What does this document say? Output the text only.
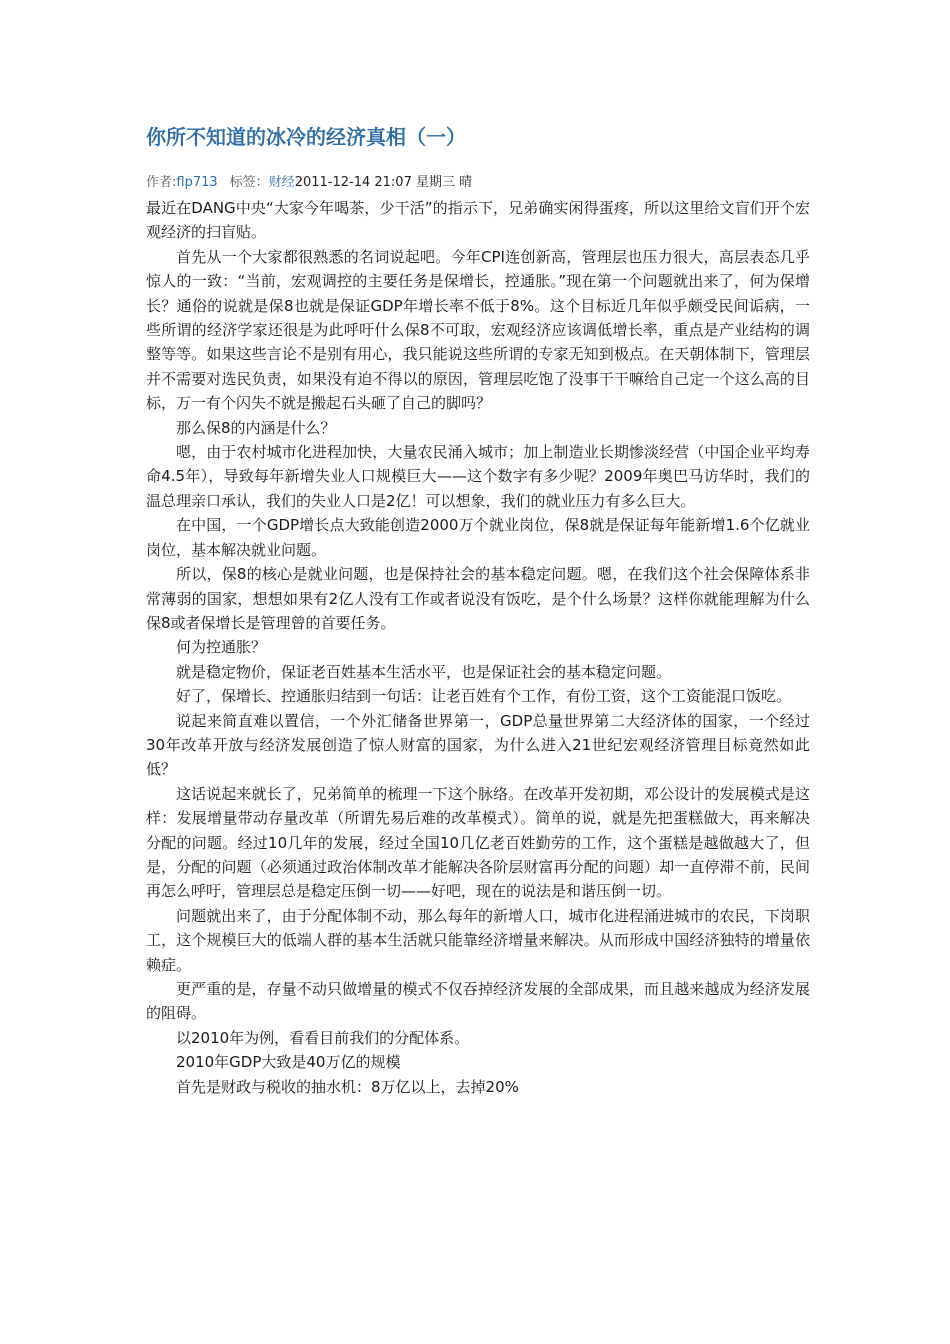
你所不知道的冰冷的经济真相（一）
作者:flp713 标签：财经2011-12-14 21:07 星期三 晴

最近在DANG中央“大家今年喝茶，少干活”的指示下，兄弟确实闲得蛋疼，所以这里给文盲们开个宏观经济的扫盲贴。

首先从一个大家都很熟悉的名词说起吧。今年CPI连创新高，管理层也压力很大，高层表态几乎惊人的一致：“当前，宏观调控的主要任务是保增长，控通胀。”现在第一个问题就出来了，何为保增长？通俗的说就是保8也就是保证GDP年增长率不低于8%。这个目标近几年似乎颇受民间诟病，一些所谓的经济学家还很是为此呼吁什么保8不可取，宏观经济应该调低增长率，重点是产业结构的调整等等。如果这些言论不是别有用心，我只能说这些所谓的专家无知到极点。在天朝体制下，管理层并不需要对选民负责，如果没有迫不得以的原因，管理层吃饱了没事干干嘛给自己定一个这么高的目标，万一有个闪失不就是搬起石头砸了自己的脚吗？

那么保8的内涵是什么？

嗯，由于农村城市化进程加快，大量农民涌入城市；加上制造业长期惨淡经营（中国企业平均寿命4.5年），导致每年新增失业人口规模巨大——这个数字有多少呢？2009年奥巴马访华时，我们的温总理亲口承认，我们的失业人口是2亿！可以想象，我们的就业压力有多么巨大。

在中国，一个GDP增长点大致能创造2000万个就业岗位，保8就是保证每年能新增1.6个亿就业岗位，基本解决就业问题。

所以，保8的核心是就业问题，也是保持社会的基本稳定问题。嗯，在我们这个社会保障体系非常薄弱的国家，想想如果有2亿人没有工作或者说没有饭吃，是个什么场景？这样你就能理解为什么保8或者保增长是管理曾的首要任务。

何为控通胀？

就是稳定物价，保证老百姓基本生活水平，也是保证社会的基本稳定问题。

好了，保增长、控通胀归结到一句话：让老百姓有个工作，有份工资，这个工资能混口饭吃。

说起来简直难以置信，一个外汇储备世界第一，GDP总量世界第二大经济体的国家，一个经过30年改革开放与经济发展创造了惊人财富的国家，为什么进入21世纪宏观经济管理目标竟然如此低？

这话说起来就长了，兄弟简单的梳理一下这个脉络。在改革开发初期，邓公设计的发展模式是这样：发展增量带动存量改革（所谓先易后难的改革模式）。简单的说，就是先把蛋糕做大，再来解决分配的问题。经过10几年的发展，经过全国10几亿老百姓勤劳的工作，这个蛋糕是越做越大了，但是，分配的问题（必须通过政治体制改革才能解决各阶层财富再分配的问题）却一直停滞不前，民间再怎么呼吁，管理层总是稳定压倒一切——好吧，现在的说法是和谐压倒一切。

问题就出来了，由于分配体制不动，那么每年的新增人口，城市化进程涌进城市的农民，下岗职工，这个规模巨大的低端人群的基本生活就只能靠经济增量来解决。从而形成中国经济独特的增量依赖症。

更严重的是，存量不动只做增量的模式不仅吞掉经济发展的全部成果，而且越来越成为经济发展的阻碍。

以2010年为例，看看目前我们的分配体系。

2010年GDP大致是40万亿的规模

首先是财政与税收的抽水机：8万亿以上，去掉20%
